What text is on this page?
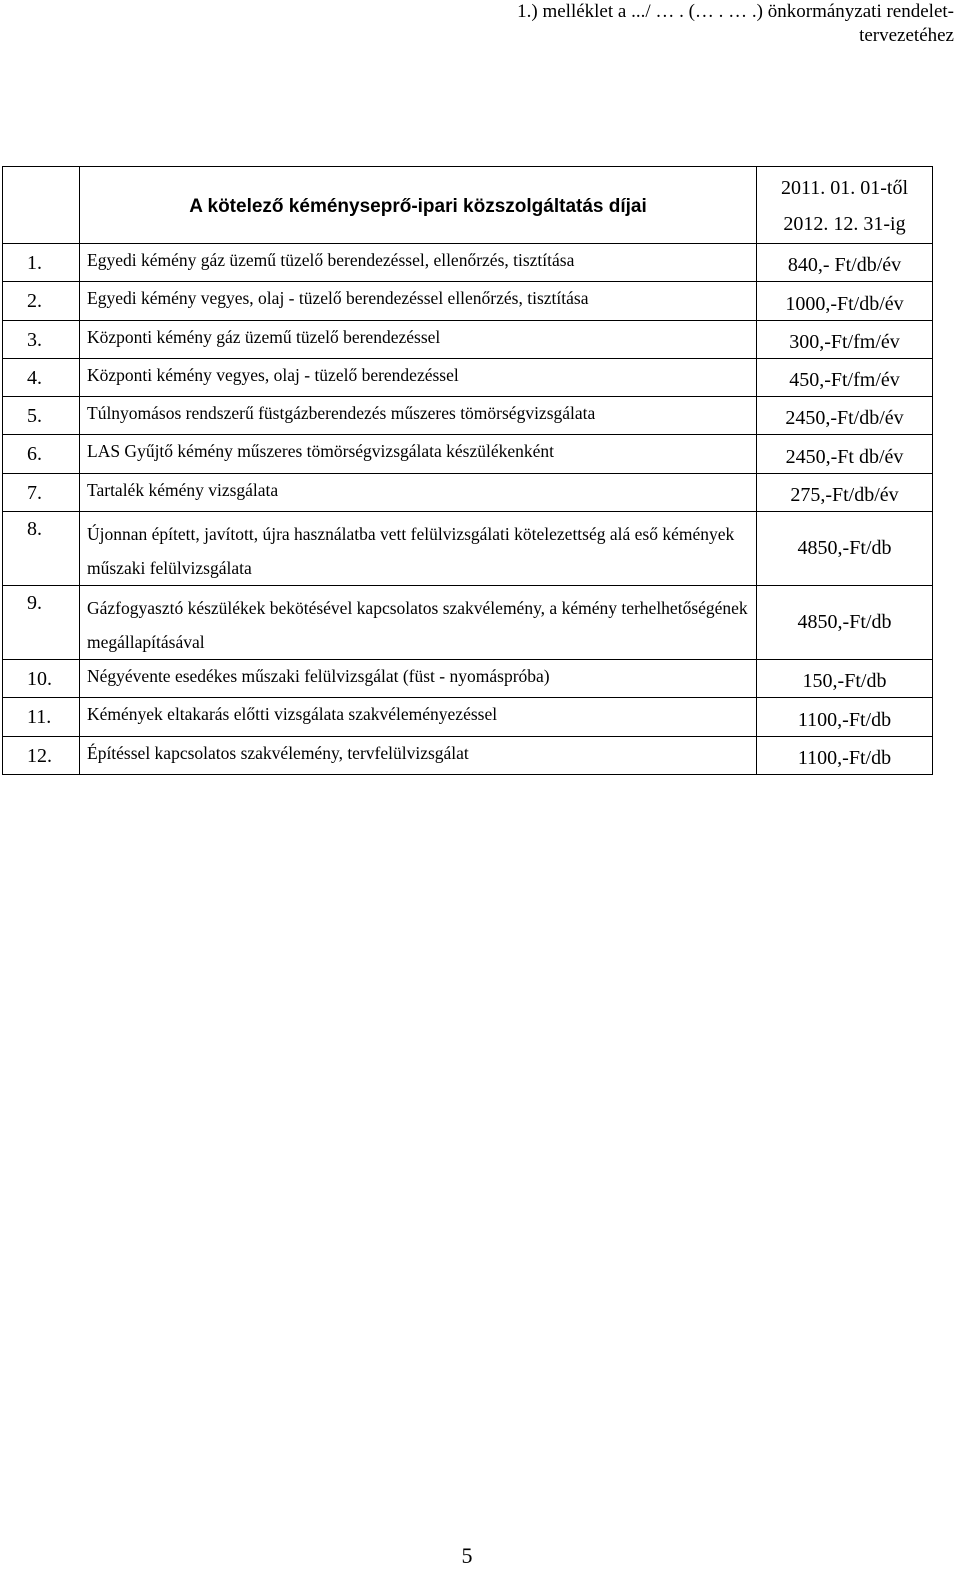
1.) melléklet a .../ … . (… . … .) önkormányzati rendelet-
tervezetéhez
	A kötelező kéményseprő-ipari közszolgáltatás díjai	2011. 01. 01-től
2012. 12. 31-ig

1.	Egyedi kémény gáz üzemű tüzelő berendezéssel, ellenőrzés, tisztítása	840,- Ft/db/év
2.	Egyedi kémény vegyes, olaj - tüzelő berendezéssel ellenőrzés, tisztítása	1000,-Ft/db/év
3.	Központi kémény gáz üzemű tüzelő berendezéssel	300,-Ft/fm/év
4.	Központi kémény vegyes, olaj - tüzelő berendezéssel	450,-Ft/fm/év
5.	Túlnyomásos rendszerű füstgázberendezés műszeres tömörségvizsgálata	2450,-Ft/db/év
6.	LAS Gyűjtő kémény műszeres tömörségvizsgálata készülékenként	2450,-Ft db/év
7.	Tartalék kémény vizsgálata	275,-Ft/db/év
8.	Újonnan épített, javított, újra használatba vett felülvizsgálati kötelezettség alá eső kémények műszaki felülvizsgálata	4850,-Ft/db
9.	Gázfogyasztó készülékek bekötésével kapcsolatos szakvélemény, a kémény terhelhetőségének megállapításával	4850,-Ft/db
10.	Négyévente esedékes műszaki felülvizsgálat (füst - nyomáspróba)	150,-Ft/db
11.	Kémények eltakarás előtti vizsgálata szakvéleményezéssel	1100,-Ft/db
12.	Építéssel kapcsolatos szakvélemény, tervfelülvizsgálat	1100,-Ft/db
5
